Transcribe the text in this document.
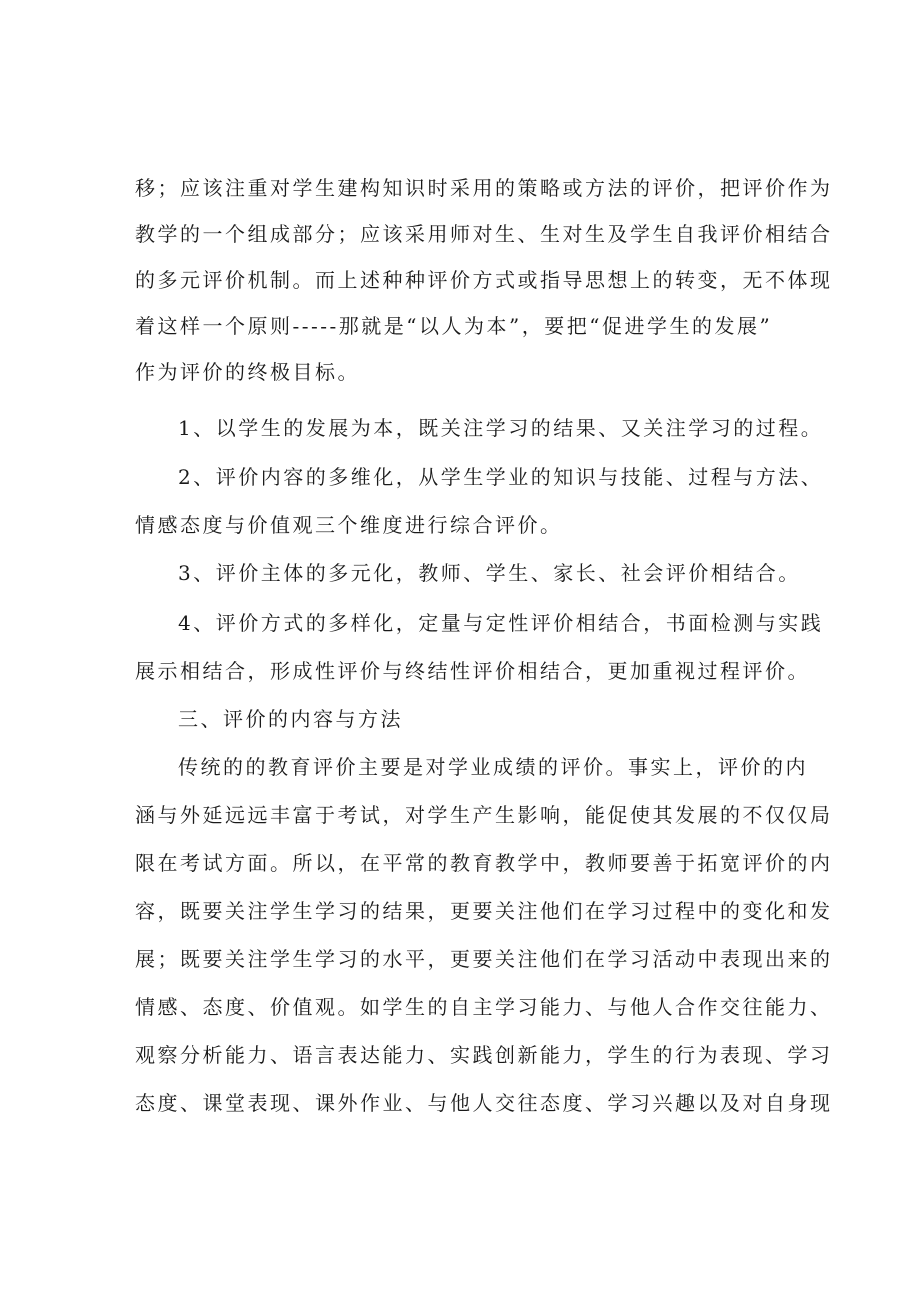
移；应该注重对学生建构知识时采用的策略或方法的评价，把评价作为

教学的一个组成部分；应该采用师对生、生对生及学生自我评价相结合

的多元评价机制。而上述种种评价方式或指导思想上的转变，无不体现

着这样一个原则-----那就是“以人为本”，要把“促进学生的发展”

作为评价的终极目标。

1、以学生的发展为本，既关注学习的结果、又关注学习的过程。

2、评价内容的多维化，从学生学业的知识与技能、过程与方法、

情感态度与价值观三个维度进行综合评价。

3、评价主体的多元化，教师、学生、家长、社会评价相结合。

4、评价方式的多样化，定量与定性评价相结合，书面检测与实践

展示相结合，形成性评价与终结性评价相结合，更加重视过程评价。

三、评价的内容与方法

传统的的教育评价主要是对学业成绩的评价。事实上，评价的内

涵与外延远远丰富于考试，对学生产生影响，能促使其发展的不仅仅局

限在考试方面。所以，在平常的教育教学中，教师要善于拓宽评价的内

容，既要关注学生学习的结果，更要关注他们在学习过程中的变化和发

展；既要关注学生学习的水平，更要关注他们在学习活动中表现出来的

情感、态度、价值观。如学生的自主学习能力、与他人合作交往能力、

观察分析能力、语言表达能力、实践创新能力，学生的行为表现、学习

态度、课堂表现、课外作业、与他人交往态度、学习兴趣以及对自身现
